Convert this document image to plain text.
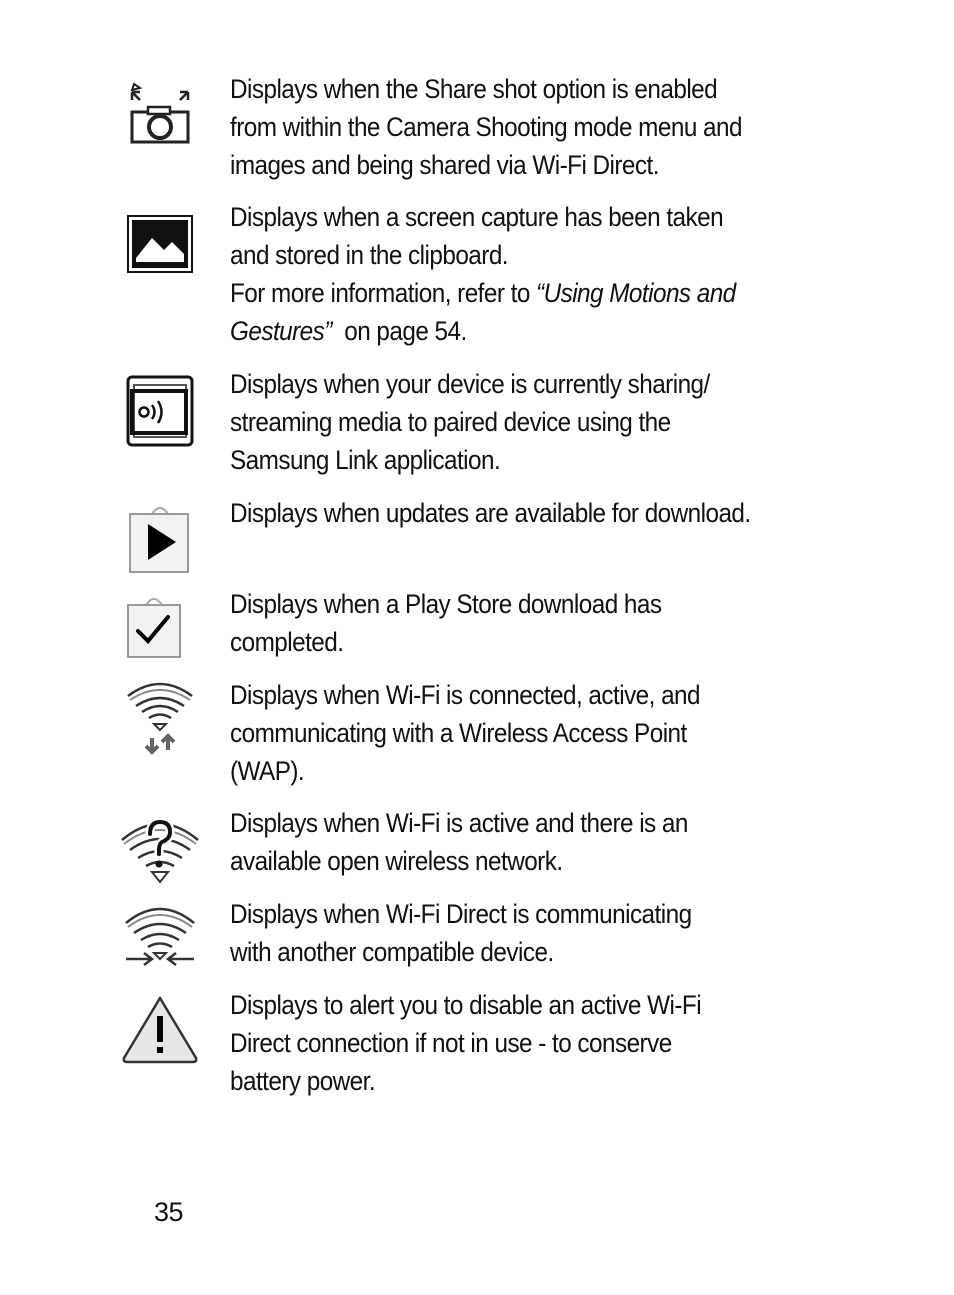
Displays when the Share shot option is enabled
from within the Camera Shooting mode menu and
images and being shared via Wi-Fi Direct.
Displays when a screen capture has been taken
and stored in the clipboard.
For more information, refer to “Using Motions and
Gestures”  on page 54.
Displays when your device is currently sharing/
streaming media to paired device using the
Samsung Link application.
Displays when updates are available for download.
Displays when a Play Store download has
completed.
Displays when Wi-Fi is connected, active, and
communicating with a Wireless Access Point
(WAP).
Displays when Wi-Fi is active and there is an
available open wireless network.
Displays when Wi-Fi Direct is communicating
with another compatible device.
Displays to alert you to disable an active Wi-Fi
Direct connection if not in use - to conserve
battery power.
35
